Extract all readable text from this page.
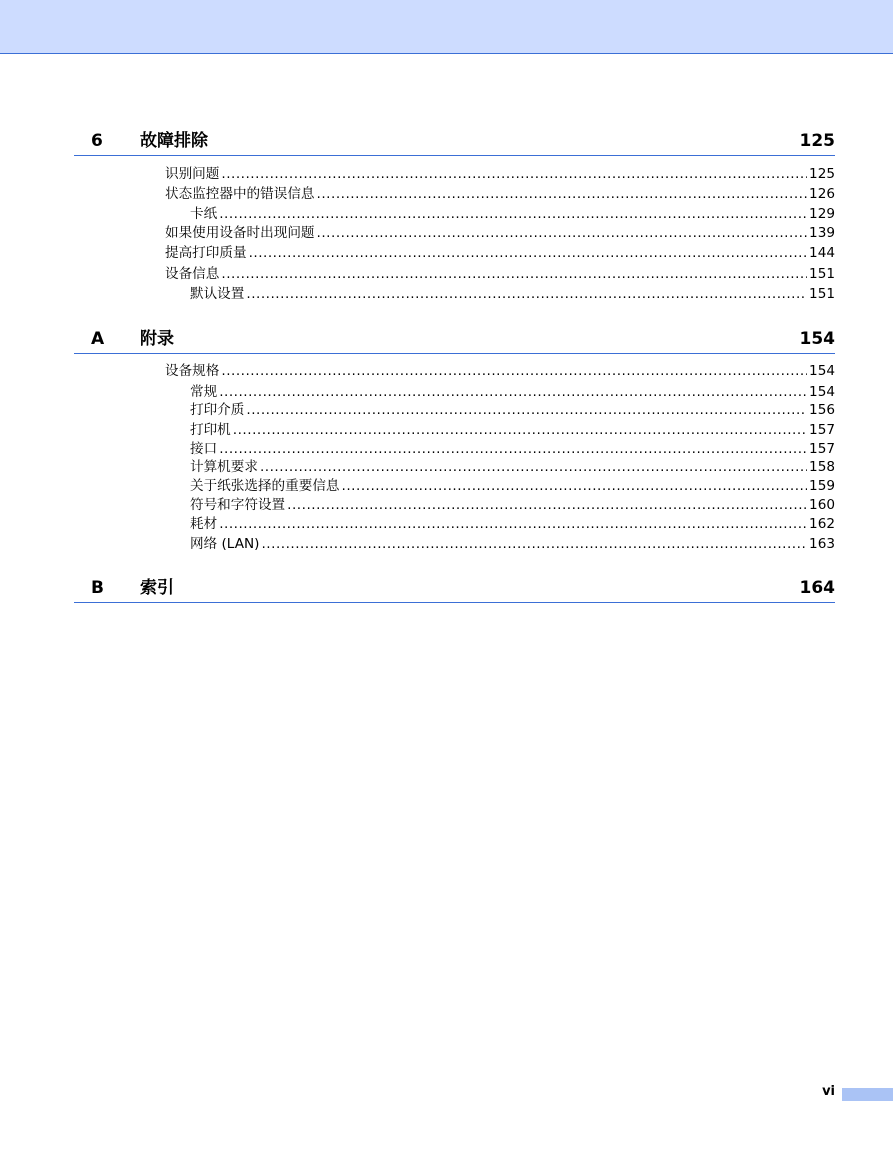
6 故障排除	125
识别问题 .....	125
状态监控器中的错误信息 .....	126
卡纸 .....	129
如果使用设备时出现问题 .....	139
提高打印质量 .....	144
设备信息 .....	151
默认设置 .....	151
A 附录	154
设备规格 .....	154
常规 .....	154
打印介质 .....	156
打印机 .....	157
接口 .....	157
计算机要求 .....	158
关于纸张选择的重要信息 .....	159
符号和字符设置 .....	160
耗材 .....	162
网络 (LAN) .....	163
B 索引	164
vi
